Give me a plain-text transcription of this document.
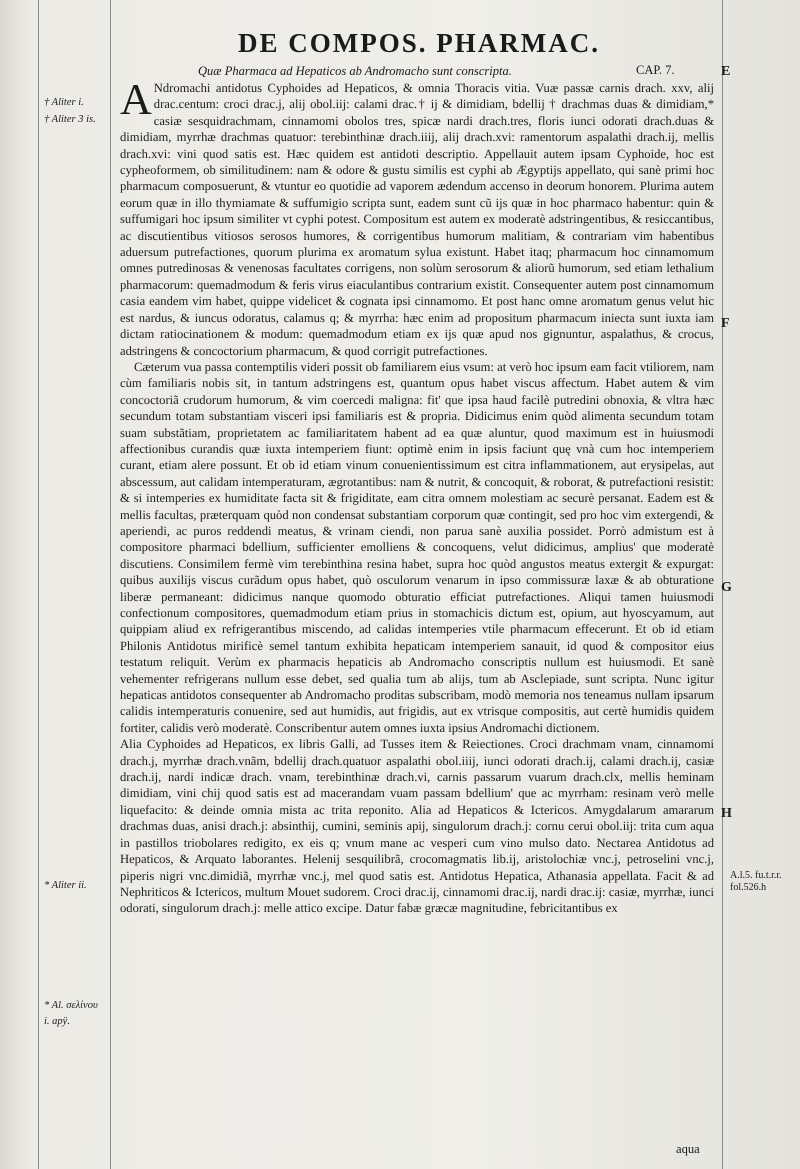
DE COMPOS. PHARMAC.
Quæ Pharmaca ad Hepaticos ab Andromacho sunt conscripta.	CAP. 7.	E
F
G
H
† Aliter i.
† Aliter 3 is.
* Aliter ii.
* Al. σελίνου
i. apÿ.
A.l.5. fu.t.r.r. fol.526.h

A Ndromachi antidotus Cyphoides ad Hepaticos, & omnia Thoracis vitia. Vuæ passæ carnis drach. xxv, alij drac.centum: croci drac.j, alij obol.iij: calami drac.† ij & dimidiam, bdellij † drachmas duas & dimidiam,* casiæ sesquidrachmam, cinnamomi obolos tres, spicæ nardi drach.tres, floris iunci odorati drach.duas & dimidiam, myrrhæ drachmas quatuor: terebinthinæ drach.iiij, alij drach.xvi: ramentorum aspalathi drach.ij, mellis drach.xvi: vini quod satis est. Hæc quidem est antidoti descriptio. Appellauit autem ipsam Cyphoide, hoc est cypheoformem, ob similitudinem: nam & odore & gustu similis est cyphi ab Ægyptijs appellato, qui sanè primi hoc pharmacum composuerunt, & vtuntur eo quotidie ad vaporem ædendum accenso in deorum honorem. Plurima autem eorum quæ in illo thymiamate & suffumigio scripta sunt, eadem sunt cũ ijs quæ in hoc pharmaco habentur: quin & suffumigari hoc ipsum similiter vt cyphi potest. Compositum est autem ex moderatè adstringentibus, & resiccantibus, ac discutientibus vitiosos serosos humores, & corrigentibus humorum malitiam, & contrariam vim habentibus aduersum putrefactiones, quorum plurima ex aromatum sylua existunt. Habet itaq; pharmacum hoc cinnamomum omnes putredinosas & venenosas facultates corrigens, non solùm serosorum & aliorũ humorum, sed etiam lethalium pharmacorum: quemadmodum & feris virus eiaculantibus contrarium existit. Consequenter autem post cinnamomum casia eandem vim habet, quippe videlicet & cognata ipsi cinnamomo. Et post hanc omne aromatum genus velut hic est nardus, & iuncus odoratus, calamus q; & myrrha: hæc enim ad propositum pharmacum iniecta sunt iuxta iam dictam ratiocinationem & modum: quemadmodum etiam ex ijs quæ apud nos gignuntur, aspalathus, & crocus, adstringens & concoctorium pharmacum, & quod corrigit putrefactiones.

Cæterum vua passa contemptilis videri possit ob familiarem eius vsum: at verò hoc ipsum eam facit vtiliorem, nam cùm familiaris nobis sit, in tantum adstringens est, quantum opus habet viscus affectum. Habet autem & vim concoctoriã crudorum humorum, & vim coercedi maligna: fit' que ipsa haud facilè putredini obnoxia, & vltra hæc secundum totam substantiam visceri ipsi familiaris est & propria. Didicimus enim quòd alimenta secundum totam suam substãtiam, proprietatem ac familiaritatem habent ad ea quæ aluntur, quod maximum est in huiusmodi affectionibus curandis quæ iuxta intemperiem fiunt: optimè enim in ipsis faciunt quę vnà cum hoc intemperiem curant, etiam alere possunt. Et ob id etiam vinum conuenientissimum est citra inflammationem, aut erysipelas, aut abscessum, aut calidam intemperaturam, ægrotantibus: nam & nutrit, & concoquit, & roborat, & putrefactioni resistit: & si intemperies ex humiditate facta sit & frigiditate, eam citra omnem molestiam ac securè persanat. Eadem est & mellis facultas, præterquam quòd non condensat substantiam corporum quæ contingit, sed pro hoc vim extergendi, & aperiendi, ac puros reddendi meatus, & vrinam ciendi, non parua sanè auxilia possidet. Porrò admistum est à compositore pharmaci bdellium, sufficienter emolliens & concoquens, velut didicimus, amplius' que moderatè discutiens. Consimilem fermè vim terebinthina resina habet, supra hoc quòd angustos meatus extergit & expurgat: quibus auxilijs viscus curãdum opus habet, quò osculorum venarum in ipso commissuræ laxæ & ab obturatione liberæ permaneant: didicimus nanque quomodo obturatio efficiat putrefactiones. Aliqui tamen huiusmodi confectionum compositores, quemadmodum etiam prius in stomachicis dictum est, opium, aut hyoscyamum, aut quippiam aliud ex refrigerantibus miscendo, ad calidas intemperies vtile pharmacum effecerunt. Et ob id etiam Philonis Antidotus mirificè semel tantum exhibita hepaticam intemperiem sanauit, id quod & compositor eius testatum reliquit. Verùm ex pharmacis hepaticis ab Andromacho conscriptis nullum est huiusmodi. Et sanè vehementer refrigerans nullum esse debet, sed qualia tum ab alijs, tum ab Asclepiade, sunt scripta. Nunc igitur hepaticas antidotos consequenter ab Andromacho proditas subscribam, modò memoria nos teneamus nullam ipsarum calidis intemperaturis conuenire, sed aut humidis, aut frigidis, aut ex vtrisque compositis, aut certè humidis quidem fortiter, calidis verò moderatè. Conscribentur autem omnes iuxta ipsius Andromachi dictionem.

Alia Cyphoides ad Hepaticos, ex libris Galli, ad Tusses item & Reiectiones. Croci drachmam vnam, cinnamomi drach.j, myrrhæ drach.vnãm, bdellij drach.quatuor aspalathi obol.iiij, iunci odorati drach.ij, calami drach.ij, casiæ drach.ij, nardi indicæ drach. vnam, terebinthinæ drach.vi, carnis passarum vuarum drach.clx, mellis heminam dimidiam, vini chij quod satis est ad macerandam vuam passam bdellium' que ac myrrham: resinam verò melle liquefacito: & deinde omnia mista ac trita reponito. Alia ad Hepaticos & Ictericos. Amygdalarum amararum drachmas duas, anisi drach.j: absinthij, cumini, seminis apij, singulorum drach.j: cornu cerui obol.iij: trita cum aqua in pastillos triobolares redigito, ex eis q; vnum mane ac vesperi cum vino mulso dato. Nectarea Antidotus ad Hepaticos, & Arquato laborantes. Helenij sesquilibrã, crocomagmatis lib.ij, aristolochiæ vnc.j, petroselini vnc.j, piperis nigri vnc.dimidiã, myrrhæ vnc.j, mel quod satis est. Antidotus Hepatica, Athanasia appellata. Facit & ad Nephriticos & Ictericos, multum Mouet sudorem. Croci drac.ij, cinnamomi drac.ij, nardi drac.ij: casiæ, myrrhæ, iunci odorati, singulorum drach.j: melle attico excipe. Datur fabæ græcæ magnitudine, febricitantibus ex

aqua
